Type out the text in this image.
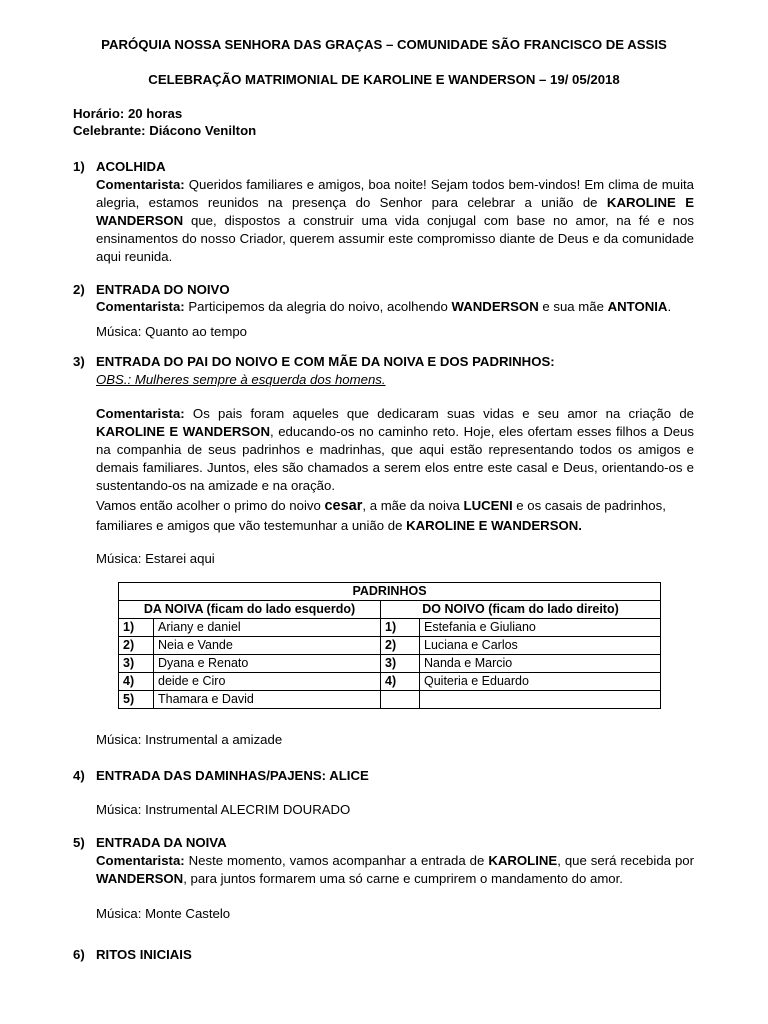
PARÓQUIA NOSSA SENHORA DAS GRAÇAS – COMUNIDADE SÃO FRANCISCO DE ASSIS
CELEBRAÇÃO MATRIMONIAL DE KAROLINE E WANDERSON – 19/ 05/2018
Horário: 20 horas
Celebrante: Diácono Venilton
1) ACOLHIDA
Comentarista: Queridos familiares e amigos, boa noite! Sejam todos bem-vindos! Em clima de muita alegria, estamos reunidos na presença do Senhor para celebrar a união de KAROLINE E WANDERSON que, dispostos a construir uma vida conjugal com base no amor, na fé e nos ensinamentos do nosso Criador, querem assumir este compromisso diante de Deus e da comunidade aqui reunida.
2) ENTRADA DO NOIVO
Comentarista: Participemos da alegria do noivo, acolhendo WANDERSON e sua mãe ANTONIA.
Música: Quanto ao tempo
3) ENTRADA DO PAI DO NOIVO E COM MÃE DA NOIVA E DOS PADRINHOS:
OBS.: Mulheres sempre à esquerda dos homens.
Comentarista: Os pais foram aqueles que dedicaram suas vidas e seu amor na criação de KAROLINE E WANDERSON, educando-os no caminho reto. Hoje, eles ofertam esses filhos a Deus na companhia de seus padrinhos e madrinhas, que aqui estão representando todos os amigos e demais familiares. Juntos, eles são chamados a serem elos entre este casal e Deus, orientando-os e sustentando-os na amizade e na oração.
Vamos então acolher o primo do noivo cesar, a mãe da noiva LUCENI e os casais de padrinhos, familiares e amigos que vão testemunhar a união de KAROLINE E WANDERSON.
Música: Estarei aqui
PADRINHOS			
DA NOIVA (ficam do lado esquerdo)		DO NOIVO (ficam do lado direito)	
1)	Ariany e daniel	1)	Estefania e Giuliano
2)	Neia e Vande	2)	Luciana e Carlos
3)	Dyana e Renato	3)	Nanda e Marcio
4)	deide e Ciro	4)	Quiteria e Eduardo
5)	Thamara e David		
Música: Instrumental a amizade
4) ENTRADA DAS DAMINHAS/PAJENS: ALICE
Música: Instrumental ALECRIM DOURADO
5) ENTRADA DA NOIVA
Comentarista: Neste momento, vamos acompanhar a entrada de KAROLINE, que será recebida por WANDERSON, para juntos formarem uma só carne e cumprirem o mandamento do amor.
Música: Monte Castelo
6) RITOS INICIAIS
